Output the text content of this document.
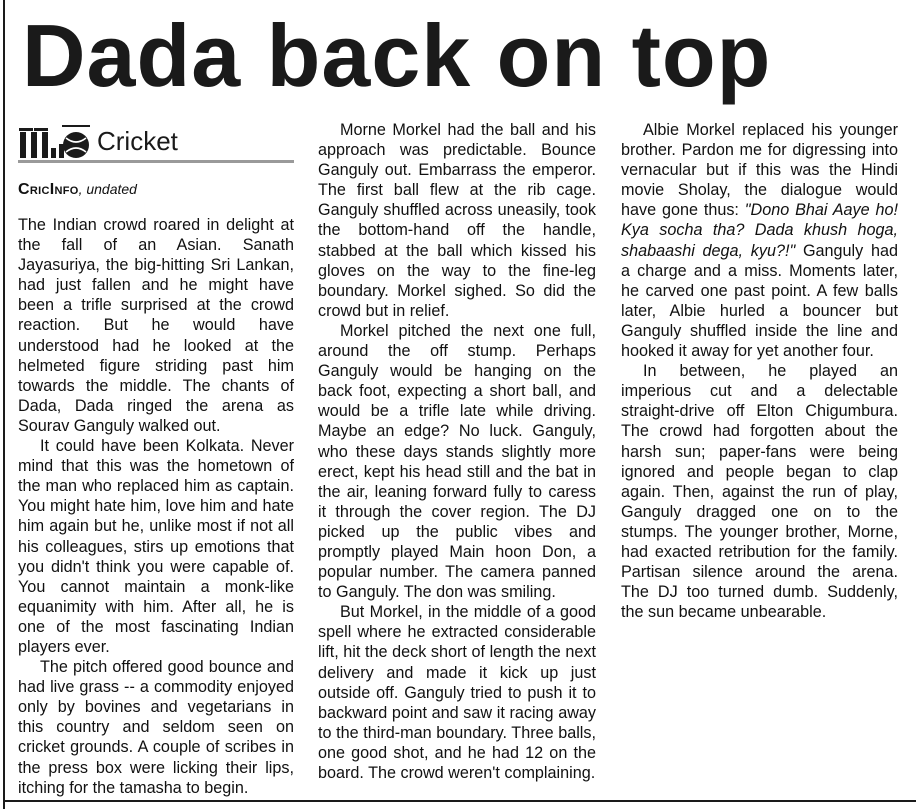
Dada back on top
Cricket
CricInfo, undated

The Indian crowd roared in delight at the fall of an Asian. Sanath Jayasuriya, the big-hitting Sri Lankan, had just fallen and he might have been a trifle surprised at the crowd reaction. But he would have understood had he looked at the helmeted figure striding past him towards the middle. The chants of Dada, Dada ringed the arena as Sourav Ganguly walked out.

It could have been Kolkata. Never mind that this was the hometown of the man who replaced him as captain. You might hate him, love him and hate him again but he, unlike most if not all his colleagues, stirs up emotions that you didn't think you were capable of. You cannot maintain a monk-like equanimity with him. After all, he is one of the most fascinating Indian players ever.

The pitch offered good bounce and had live grass -- a commodity enjoyed only by bovines and vegetarians in this country and seldom seen on cricket grounds. A couple of scribes in the press box were licking their lips, itching for the tamasha to begin.

Morne Morkel had the ball and his approach was predictable. Bounce Ganguly out. Embarrass the emperor. The first ball flew at the rib cage. Ganguly shuffled across uneasily, took the bottom-hand off the handle, stabbed at the ball which kissed his gloves on the way to the fine-leg boundary. Morkel sighed. So did the crowd but in relief.

Morkel pitched the next one full, around the off stump. Perhaps Ganguly would be hanging on the back foot, expecting a short ball, and would be a trifle late while driving. Maybe an edge? No luck. Ganguly, who these days stands slightly more erect, kept his head still and the bat in the air, leaning forward fully to caress it through the cover region. The DJ picked up the public vibes and promptly played Main hoon Don, a popular number. The camera panned to Ganguly. The don was smiling.

But Morkel, in the middle of a good spell where he extracted considerable lift, hit the deck short of length the next delivery and made it kick up just outside off. Ganguly tried to push it to backward point and saw it racing away to the third-man boundary. Three balls, one good shot, and he had 12 on the board. The crowd weren't complaining.

Albie Morkel replaced his younger brother. Pardon me for digressing into vernacular but if this was the Hindi movie Sholay, the dialogue would have gone thus: "Dono Bhai Aaye ho! Kya socha tha? Dada khush hoga, shabaashi dega, kyu?!" Ganguly had a charge and a miss. Moments later, he carved one past point. A few balls later, Albie hurled a bouncer but Ganguly shuffled inside the line and hooked it away for yet another four.

In between, he played an imperious cut and a delectable straight-drive off Elton Chigumbura. The crowd had forgotten about the harsh sun; paper-fans were being ignored and people began to clap again. Then, against the run of play, Ganguly dragged one on to the stumps. The younger brother, Morne, had exacted retribution for the family. Partisan silence around the arena. The DJ too turned dumb. Suddenly, the sun became unbearable.
